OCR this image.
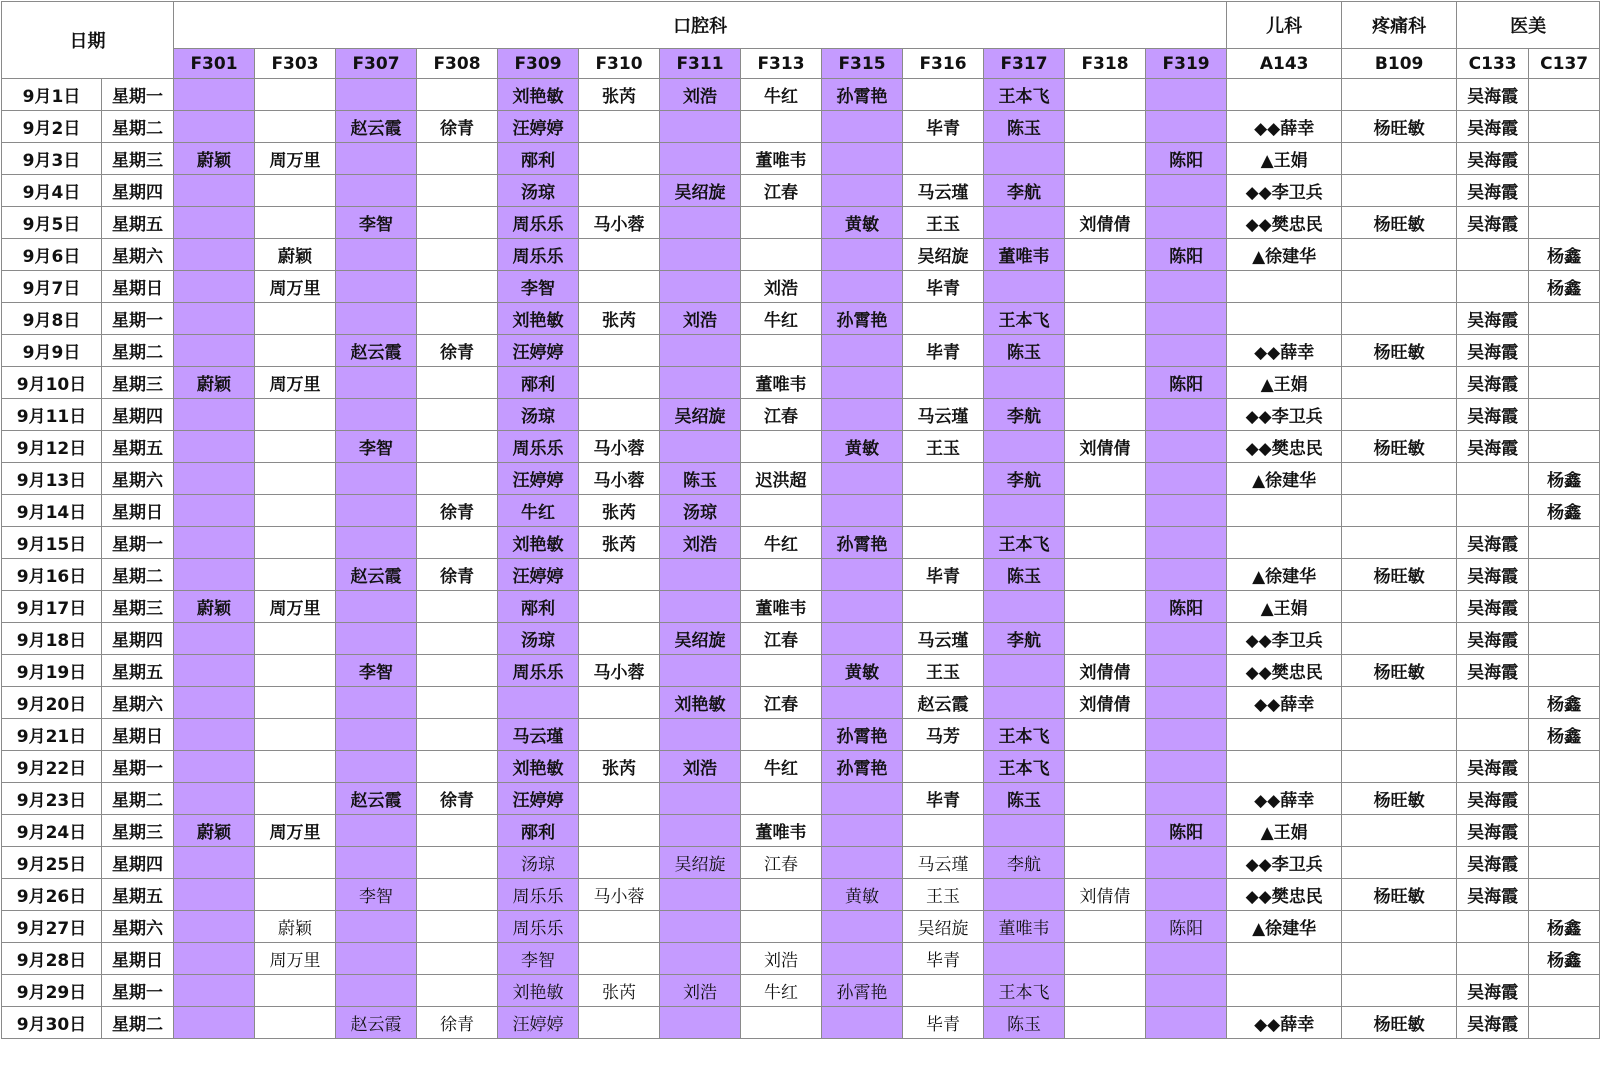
日期		口腔科													儿科	疼痛科	医美	
		F301	F303	F307	F308	F309	F310	F311	F313	F315	F316	F317	F318	F319	A143	B109	C133	C137
9月1日	星期一					刘艳敏	张芮	刘浩	牛红	孙霄艳		王本飞					吴海霞	
9月2日	星期二			赵云霞	徐青	汪婷婷					毕青	陈玉			◆◆薛幸	杨旺敏	吴海霞	
9月3日	星期三	蔚颖	周万里			邴利			董唯韦					陈阳	▲王娟		吴海霞	
9月4日	星期四					汤琼		吴绍旋	江春		马云瑾	李航			◆◆李卫兵		吴海霞	
9月5日	星期五			李智		周乐乐	马小蓉			黄敏	王玉		刘倩倩		◆◆樊忠民	杨旺敏	吴海霞	
9月6日	星期六		蔚颖			周乐乐					吴绍旋	董唯韦		陈阳	▲徐建华			杨鑫
9月7日	星期日		周万里			李智			刘浩		毕青							杨鑫
9月8日	星期一					刘艳敏	张芮	刘浩	牛红	孙霄艳		王本飞					吴海霞	
9月9日	星期二			赵云霞	徐青	汪婷婷					毕青	陈玉			◆◆薛幸	杨旺敏	吴海霞	
9月10日	星期三	蔚颖	周万里			邴利			董唯韦					陈阳	▲王娟		吴海霞	
9月11日	星期四					汤琼		吴绍旋	江春		马云瑾	李航			◆◆李卫兵		吴海霞	
9月12日	星期五			李智		周乐乐	马小蓉			黄敏	王玉		刘倩倩		◆◆樊忠民	杨旺敏	吴海霞	
9月13日	星期六					汪婷婷	马小蓉	陈玉	迟洪超			李航			▲徐建华			杨鑫
9月14日	星期日				徐青	牛红	张芮	汤琼										杨鑫
9月15日	星期一					刘艳敏	张芮	刘浩	牛红	孙霄艳		王本飞					吴海霞	
9月16日	星期二			赵云霞	徐青	汪婷婷					毕青	陈玉			▲徐建华	杨旺敏	吴海霞	
9月17日	星期三	蔚颖	周万里			邴利			董唯韦					陈阳	▲王娟		吴海霞	
9月18日	星期四					汤琼		吴绍旋	江春		马云瑾	李航			◆◆李卫兵		吴海霞	
9月19日	星期五			李智		周乐乐	马小蓉			黄敏	王玉		刘倩倩		◆◆樊忠民	杨旺敏	吴海霞	
9月20日	星期六							刘艳敏	江春		赵云霞		刘倩倩		◆◆薛幸			杨鑫
9月21日	星期日					马云瑾				孙霄艳	马芳	王本飞						杨鑫
9月22日	星期一					刘艳敏	张芮	刘浩	牛红	孙霄艳		王本飞					吴海霞	
9月23日	星期二			赵云霞	徐青	汪婷婷					毕青	陈玉			◆◆薛幸	杨旺敏	吴海霞	
9月24日	星期三	蔚颖	周万里			邴利			董唯韦					陈阳	▲王娟		吴海霞	
9月25日	星期四					汤琼		吴绍旋	江春		马云瑾	李航			◆◆李卫兵		吴海霞	
9月26日	星期五			李智		周乐乐	马小蓉			黄敏	王玉		刘倩倩		◆◆樊忠民	杨旺敏	吴海霞	
9月27日	星期六		蔚颖			周乐乐					吴绍旋	董唯韦		陈阳	▲徐建华			杨鑫
9月28日	星期日		周万里			李智			刘浩		毕青							杨鑫
9月29日	星期一					刘艳敏	张芮	刘浩	牛红	孙霄艳		王本飞					吴海霞	
9月30日	星期二			赵云霞	徐青	汪婷婷					毕青	陈玉			◆◆薛幸	杨旺敏	吴海霞	
